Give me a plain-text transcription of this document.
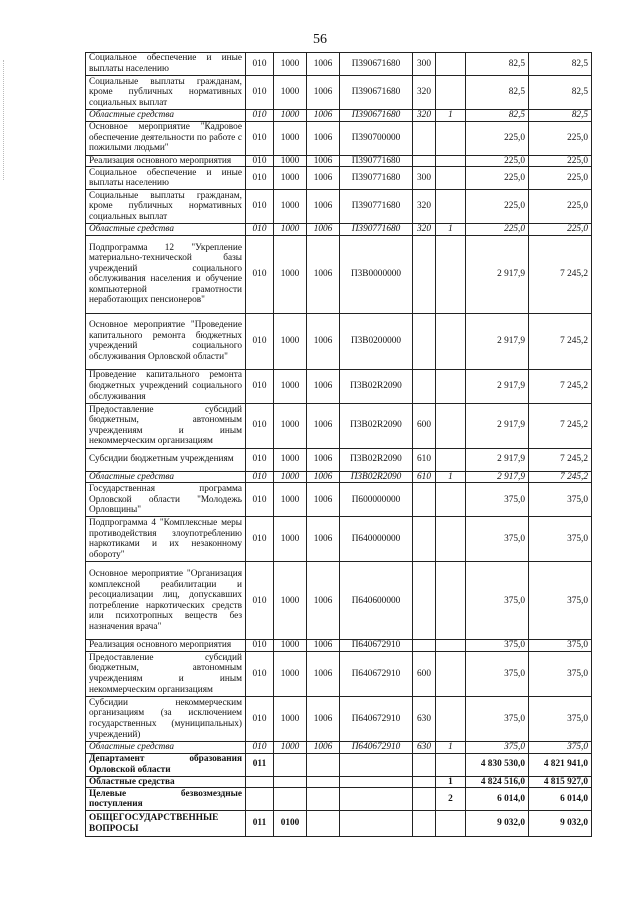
56
Социальное обеспечение и иные выплаты населению	010	1000	1006	П390671680	300		82,5	82,5
Социальные выплаты гражданам, кроме публичных нормативных социальных выплат	010	1000	1006	П390671680	320		82,5	82,5
Областные средства	010	1000	1006	П390671680	320	1	82,5	82,5
Основное мероприятие "Кадровое обеспечение деятельности по работе с пожилыми людьми"	010	1000	1006	П390700000			225,0	225,0
Реализация основного мероприятия	010	1000	1006	П390771680			225,0	225,0
Социальное обеспечение и иные выплаты населению	010	1000	1006	П390771680	300		225,0	225,0
Социальные выплаты гражданам, кроме публичных нормативных социальных выплат	010	1000	1006	П390771680	320		225,0	225,0
Областные средства	010	1000	1006	П390771680	320	1	225,0	225,0
Подпрограмма 12 "Укрепление материально-технической базы учреждений социального обслуживания населения и обучение компьютерной грамотности неработающих пенсионеров"	010	1000	1006	П3В0000000			2 917,9	7 245,2
Основное мероприятие "Проведение капитального ремонта бюджетных учреждений социального обслуживания Орловской области"	010	1000	1006	П3В0200000			2 917,9	7 245,2
Проведение капитального ремонта бюджетных учреждений социального обслуживания	010	1000	1006	П3В02R2090			2 917,9	7 245,2
Предоставление субсидий бюджетным, автономным учреждениям и иным некоммерческим организациям	010	1000	1006	П3В02R2090	600		2 917,9	7 245,2
Субсидии бюджетным учреждениям	010	1000	1006	П3В02R2090	610		2 917,9	7 245,2
Областные средства	010	1000	1006	П3В02R2090	610	1	2 917,9	7 245,2
Государственная программа Орловской области "Молодежь Орловщины"	010	1000	1006	П600000000			375,0	375,0
Подпрограмма 4 "Комплексные меры противодействия злоупотреблению наркотиками и их незаконному обороту"	010	1000	1006	П640000000			375,0	375,0
Основное мероприятие "Организация комплексной реабилитации и ресоциализации лиц, допускавших потребление наркотических средств или психотропных веществ без назначения врача"	010	1000	1006	П640600000			375,0	375,0
Реализация основного мероприятия	010	1000	1006	П640672910			375,0	375,0
Предоставление субсидий бюджетным, автономным учреждениям и иным некоммерческим организациям	010	1000	1006	П640672910	600		375,0	375,0
Субсидии некоммерческим организациям (за исключением государственных (муниципальных) учреждений)	010	1000	1006	П640672910	630		375,0	375,0
Областные средства	010	1000	1006	П640672910	630	1	375,0	375,0
Департамент образования Орловской области	011						4 830 530,0	4 821 941,0
Областные средства						1	4 824 516,0	4 815 927,0
Целевые безвозмездные поступления						2	6 014,0	6 014,0
ОБЩЕГОСУДАРСТВЕННЫЕ ВОПРОСЫ	011	0100					9 032,0	9 032,0
